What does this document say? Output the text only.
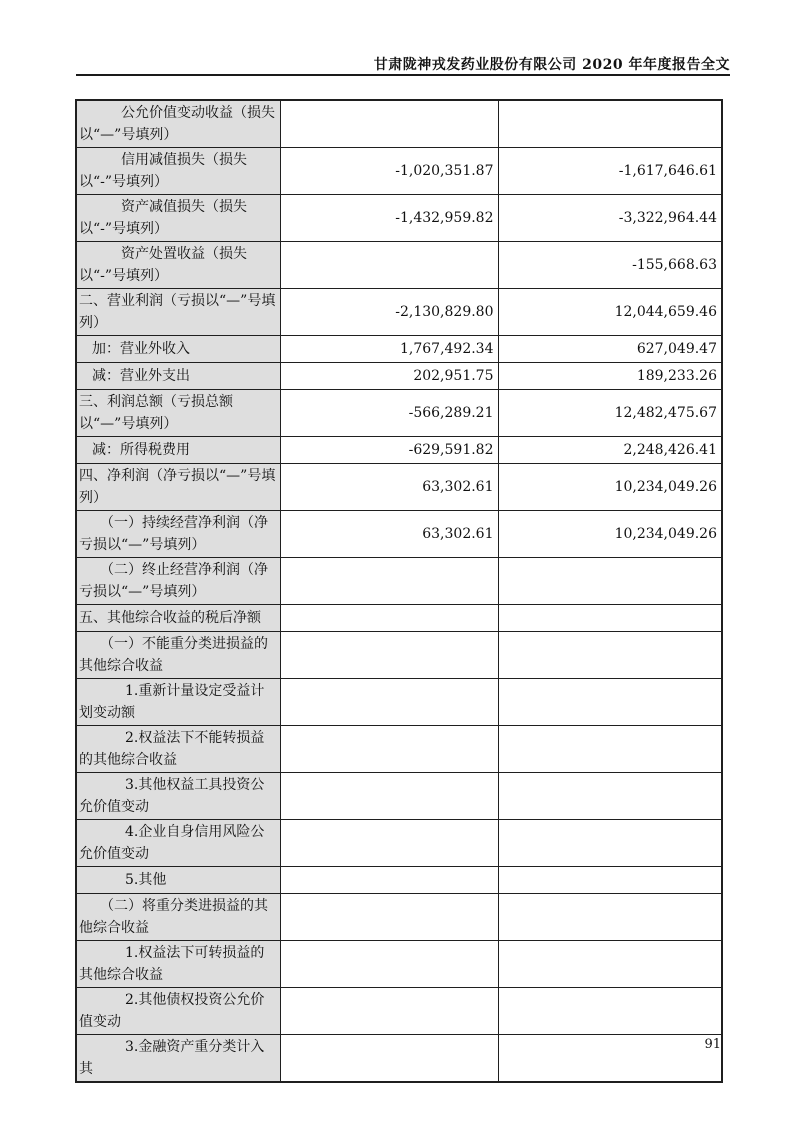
甘肃陇神戎发药业股份有限公司 2020 年年度报告全文
公允价值变动收益（损失以“—”号填列）		
信用减值损失（损失以“-”号填列）	-1,020,351.87	-1,617,646.61
资产减值损失（损失以“-”号填列）	-1,432,959.82	-3,322,964.44
资产处置收益（损失以“-”号填列）		-155,668.63
二、营业利润（亏损以“—”号填列）	-2,130,829.80	12,044,659.46
加：营业外收入	1,767,492.34	627,049.47
减：营业外支出	202,951.75	189,233.26
三、利润总额（亏损总额以“—”号填列）	-566,289.21	12,482,475.67
减：所得税费用	-629,591.82	2,248,426.41
四、净利润（净亏损以“—”号填列）	63,302.61	10,234,049.26
（一）持续经营净利润（净亏损以“—”号填列）	63,302.61	10,234,049.26
（二）终止经营净利润（净亏损以“—”号填列）		
五、其他综合收益的税后净额		
（一）不能重分类进损益的其他综合收益		
1.重新计量设定受益计划变动额		
2.权益法下不能转损益的其他综合收益		
3.其他权益工具投资公允价值变动		
4.企业自身信用风险公允价值变动		
5.其他		
（二）将重分类进损益的其他综合收益		
1.权益法下可转损益的其他综合收益		
2.其他债权投资公允价值变动		
3.金融资产重分类计入其		
91
